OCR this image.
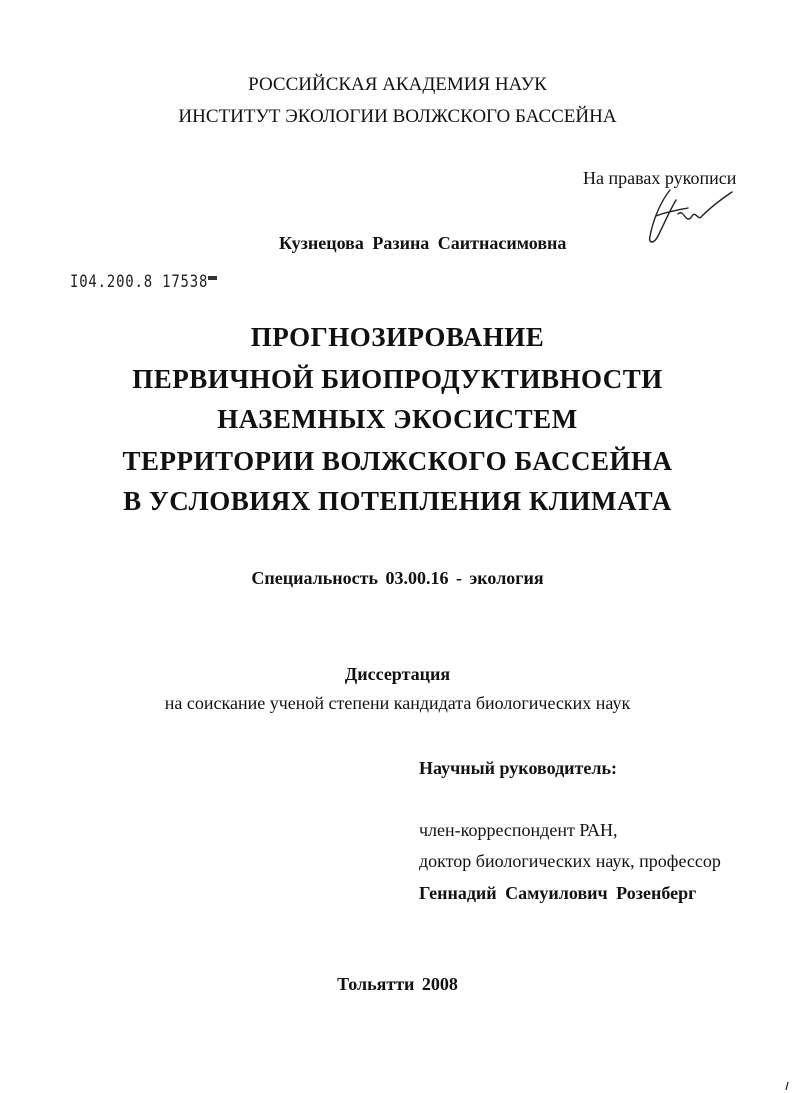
РОССИЙСКАЯ АКАДЕМИЯ НАУК
ИНСТИТУТ ЭКОЛОГИИ ВОЛЖСКОГО БАССЕЙНА
На правах рукописи
Кузнецова Разина Саитнасимовна
I04.200.8 17538
ПРОГНОЗИРОВАНИЕ
ПЕРВИЧНОЙ БИОПРОДУКТИВНОСТИ
НАЗЕМНЫХ ЭКОСИСТЕМ
ТЕРРИТОРИИ ВОЛЖСКОГО БАССЕЙНА
В УСЛОВИЯХ ПОТЕПЛЕНИЯ КЛИМАТА
Специальность 03.00.16 - экология
Диссертация
на соискание ученой степени кандидата биологических наук
Научный руководитель:
член-корреспондент РАН,
доктор биологических наук, профессор
Геннадий Самуилович Розенберг
Тольятти 2008
